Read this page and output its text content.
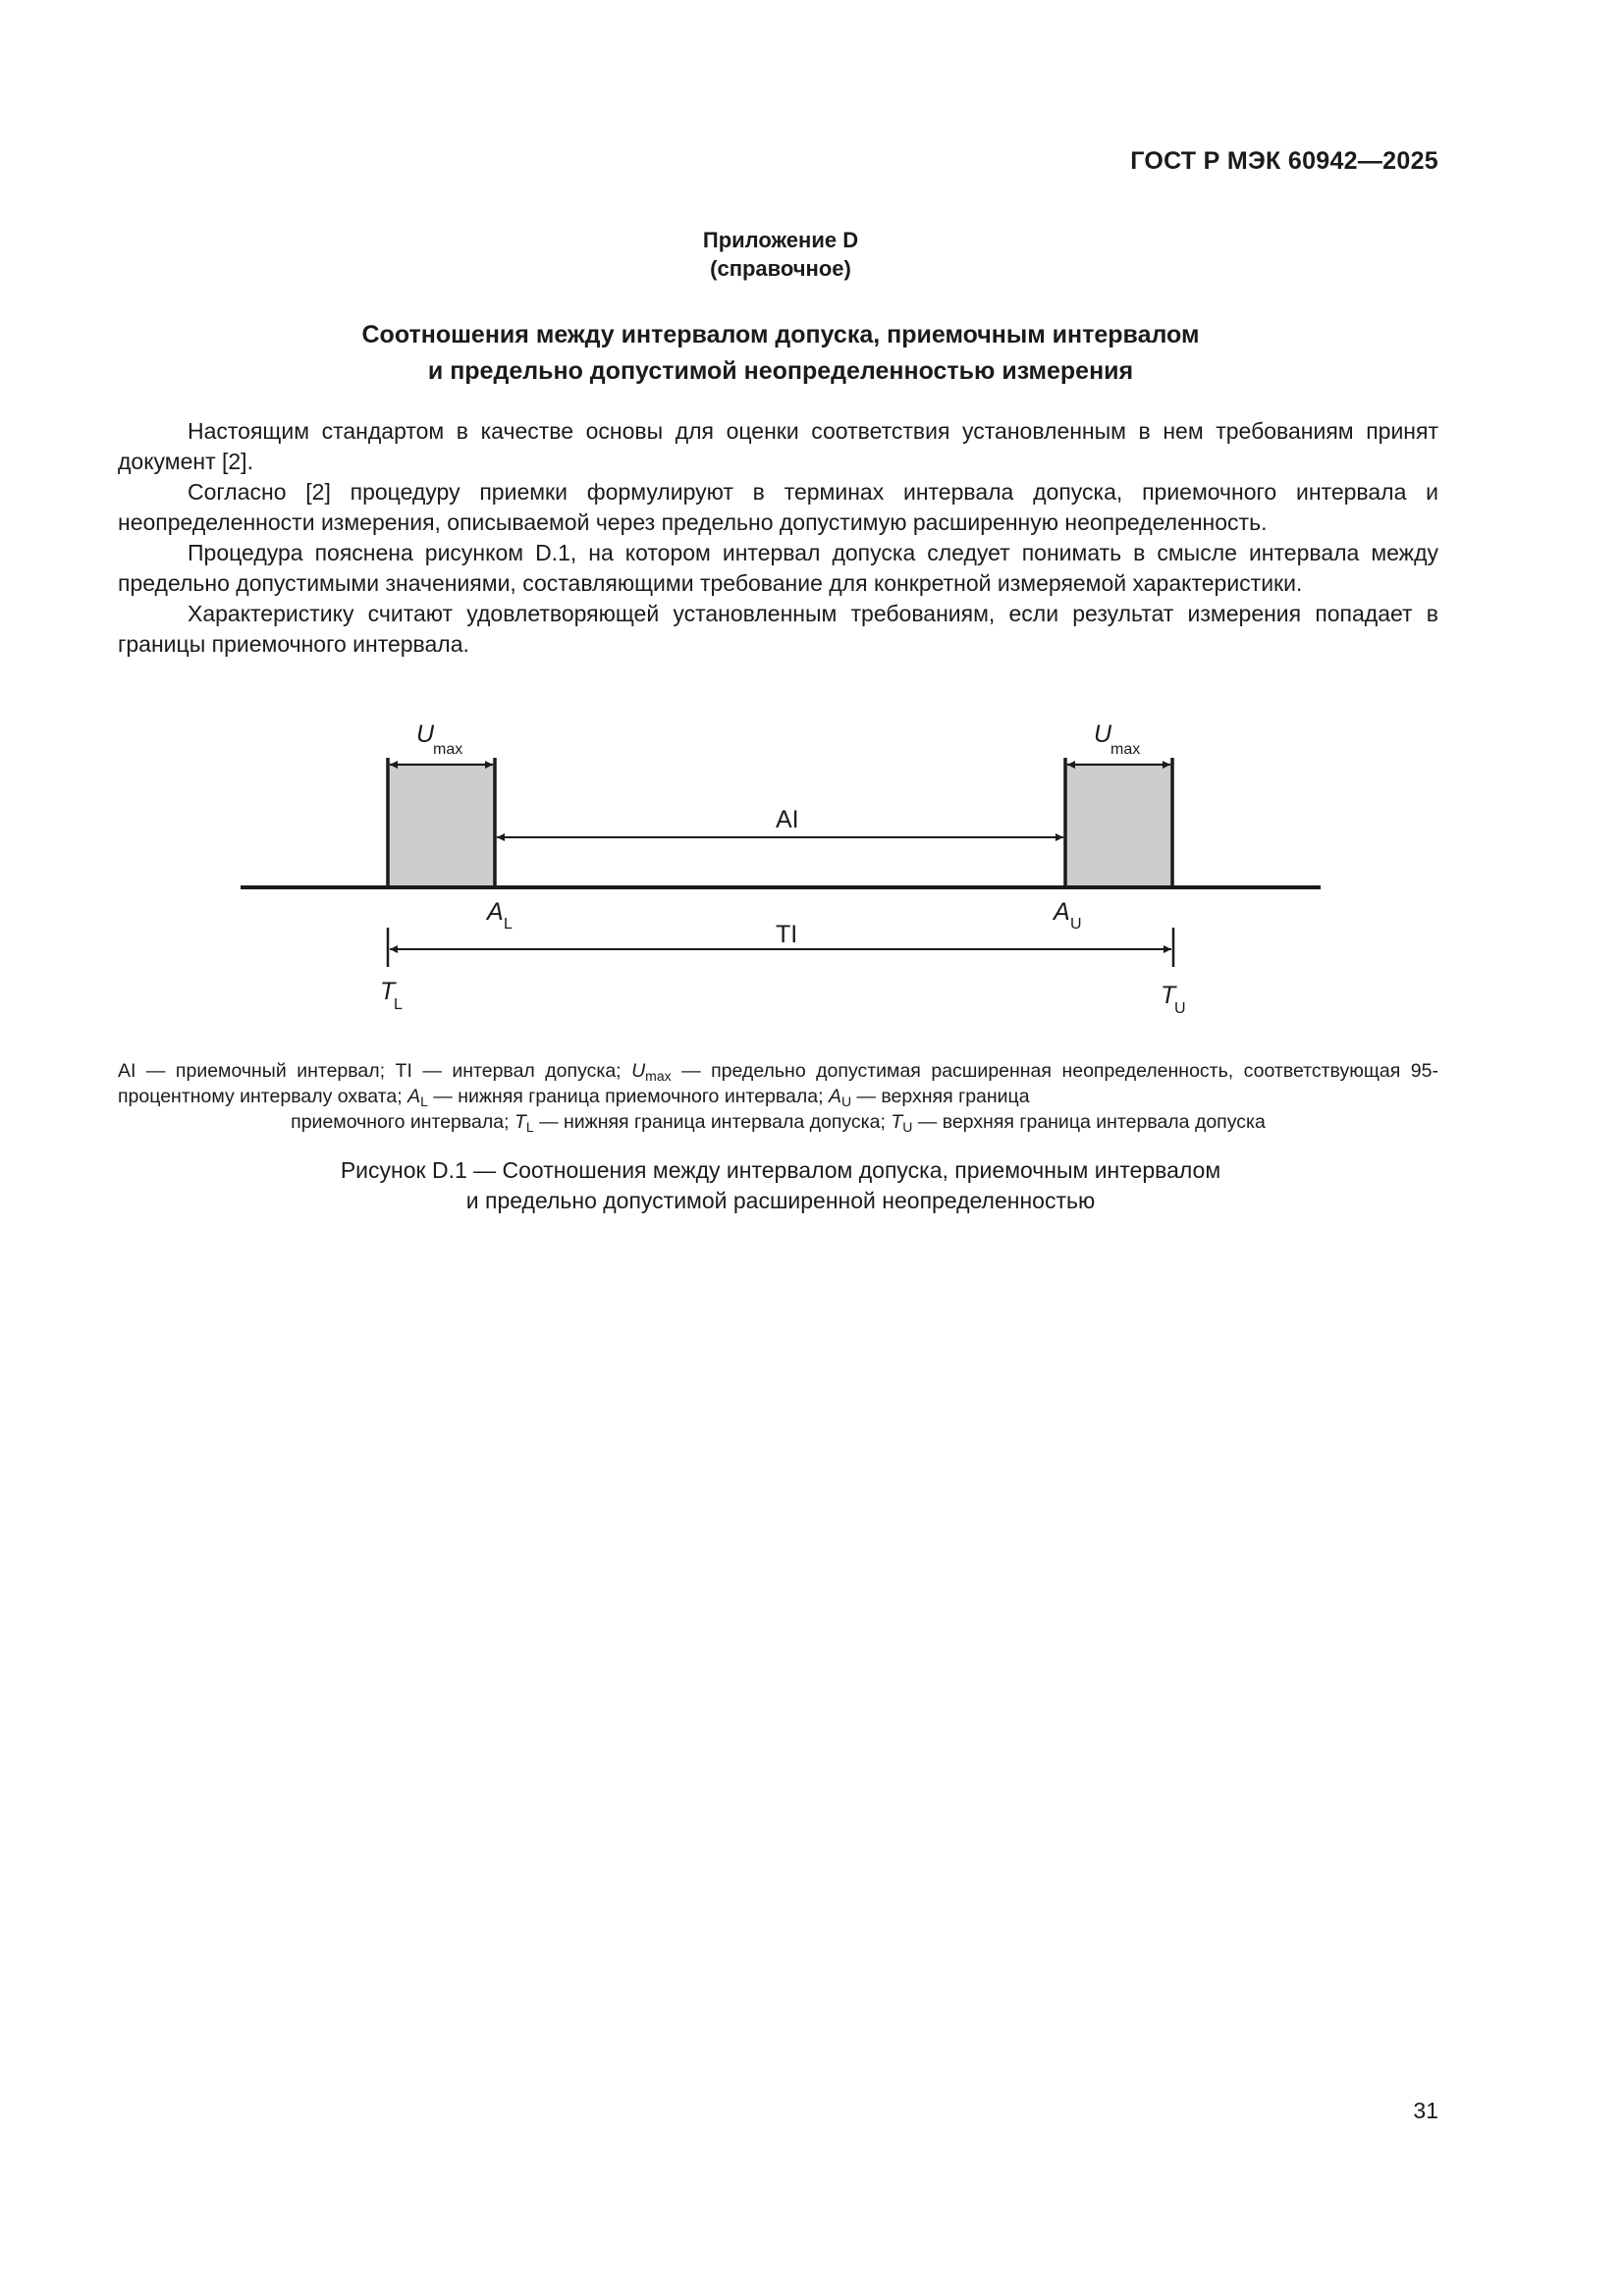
ГОСТ Р МЭК 60942—2025
Приложение D
(справочное)
Соотношения между интервалом допуска, приемочным интервалом
и предельно допустимой неопределенностью измерения

Настоящим стандартом в качестве основы для оценки соответствия установленным в нем требованиям принят документ [2].

Согласно [2] процедуру приемки формулируют в терминах интервала допуска, приемочного интервала и неопределенности измерения, описываемой через предельно допустимую расширенную неопределенность.

Процедура пояснена рисунком D.1, на котором интервал допуска следует понимать в смысле интервала между предельно допустимыми значениями, составляющими требование для конкретной измеряемой характеристики.

Характеристику считают удовлетворяющей установленным требованиям, если результат измерения попадает в границы приемочного интервала.

U
max
U
max
AI
TI
A L	A U
T
L	T
U
AI — приемочный интервал; TI — интервал допуска; $U_{max}$ — предельно допустимая расширенная неопределенность, соответствующая 95-процентному интервалу охвата; $A_L$ — нижняя граница приемочного интервала; $A_U$ — верхняя граница
приемочного интервала; $T_L$ — нижняя граница интервала допуска; $T_U$ — верхняя граница интервала допуска
Рисунок D.1 — Соотношения между интервалом допуска, приемочным интервалом
и предельно допустимой расширенной неопределенностью
31
